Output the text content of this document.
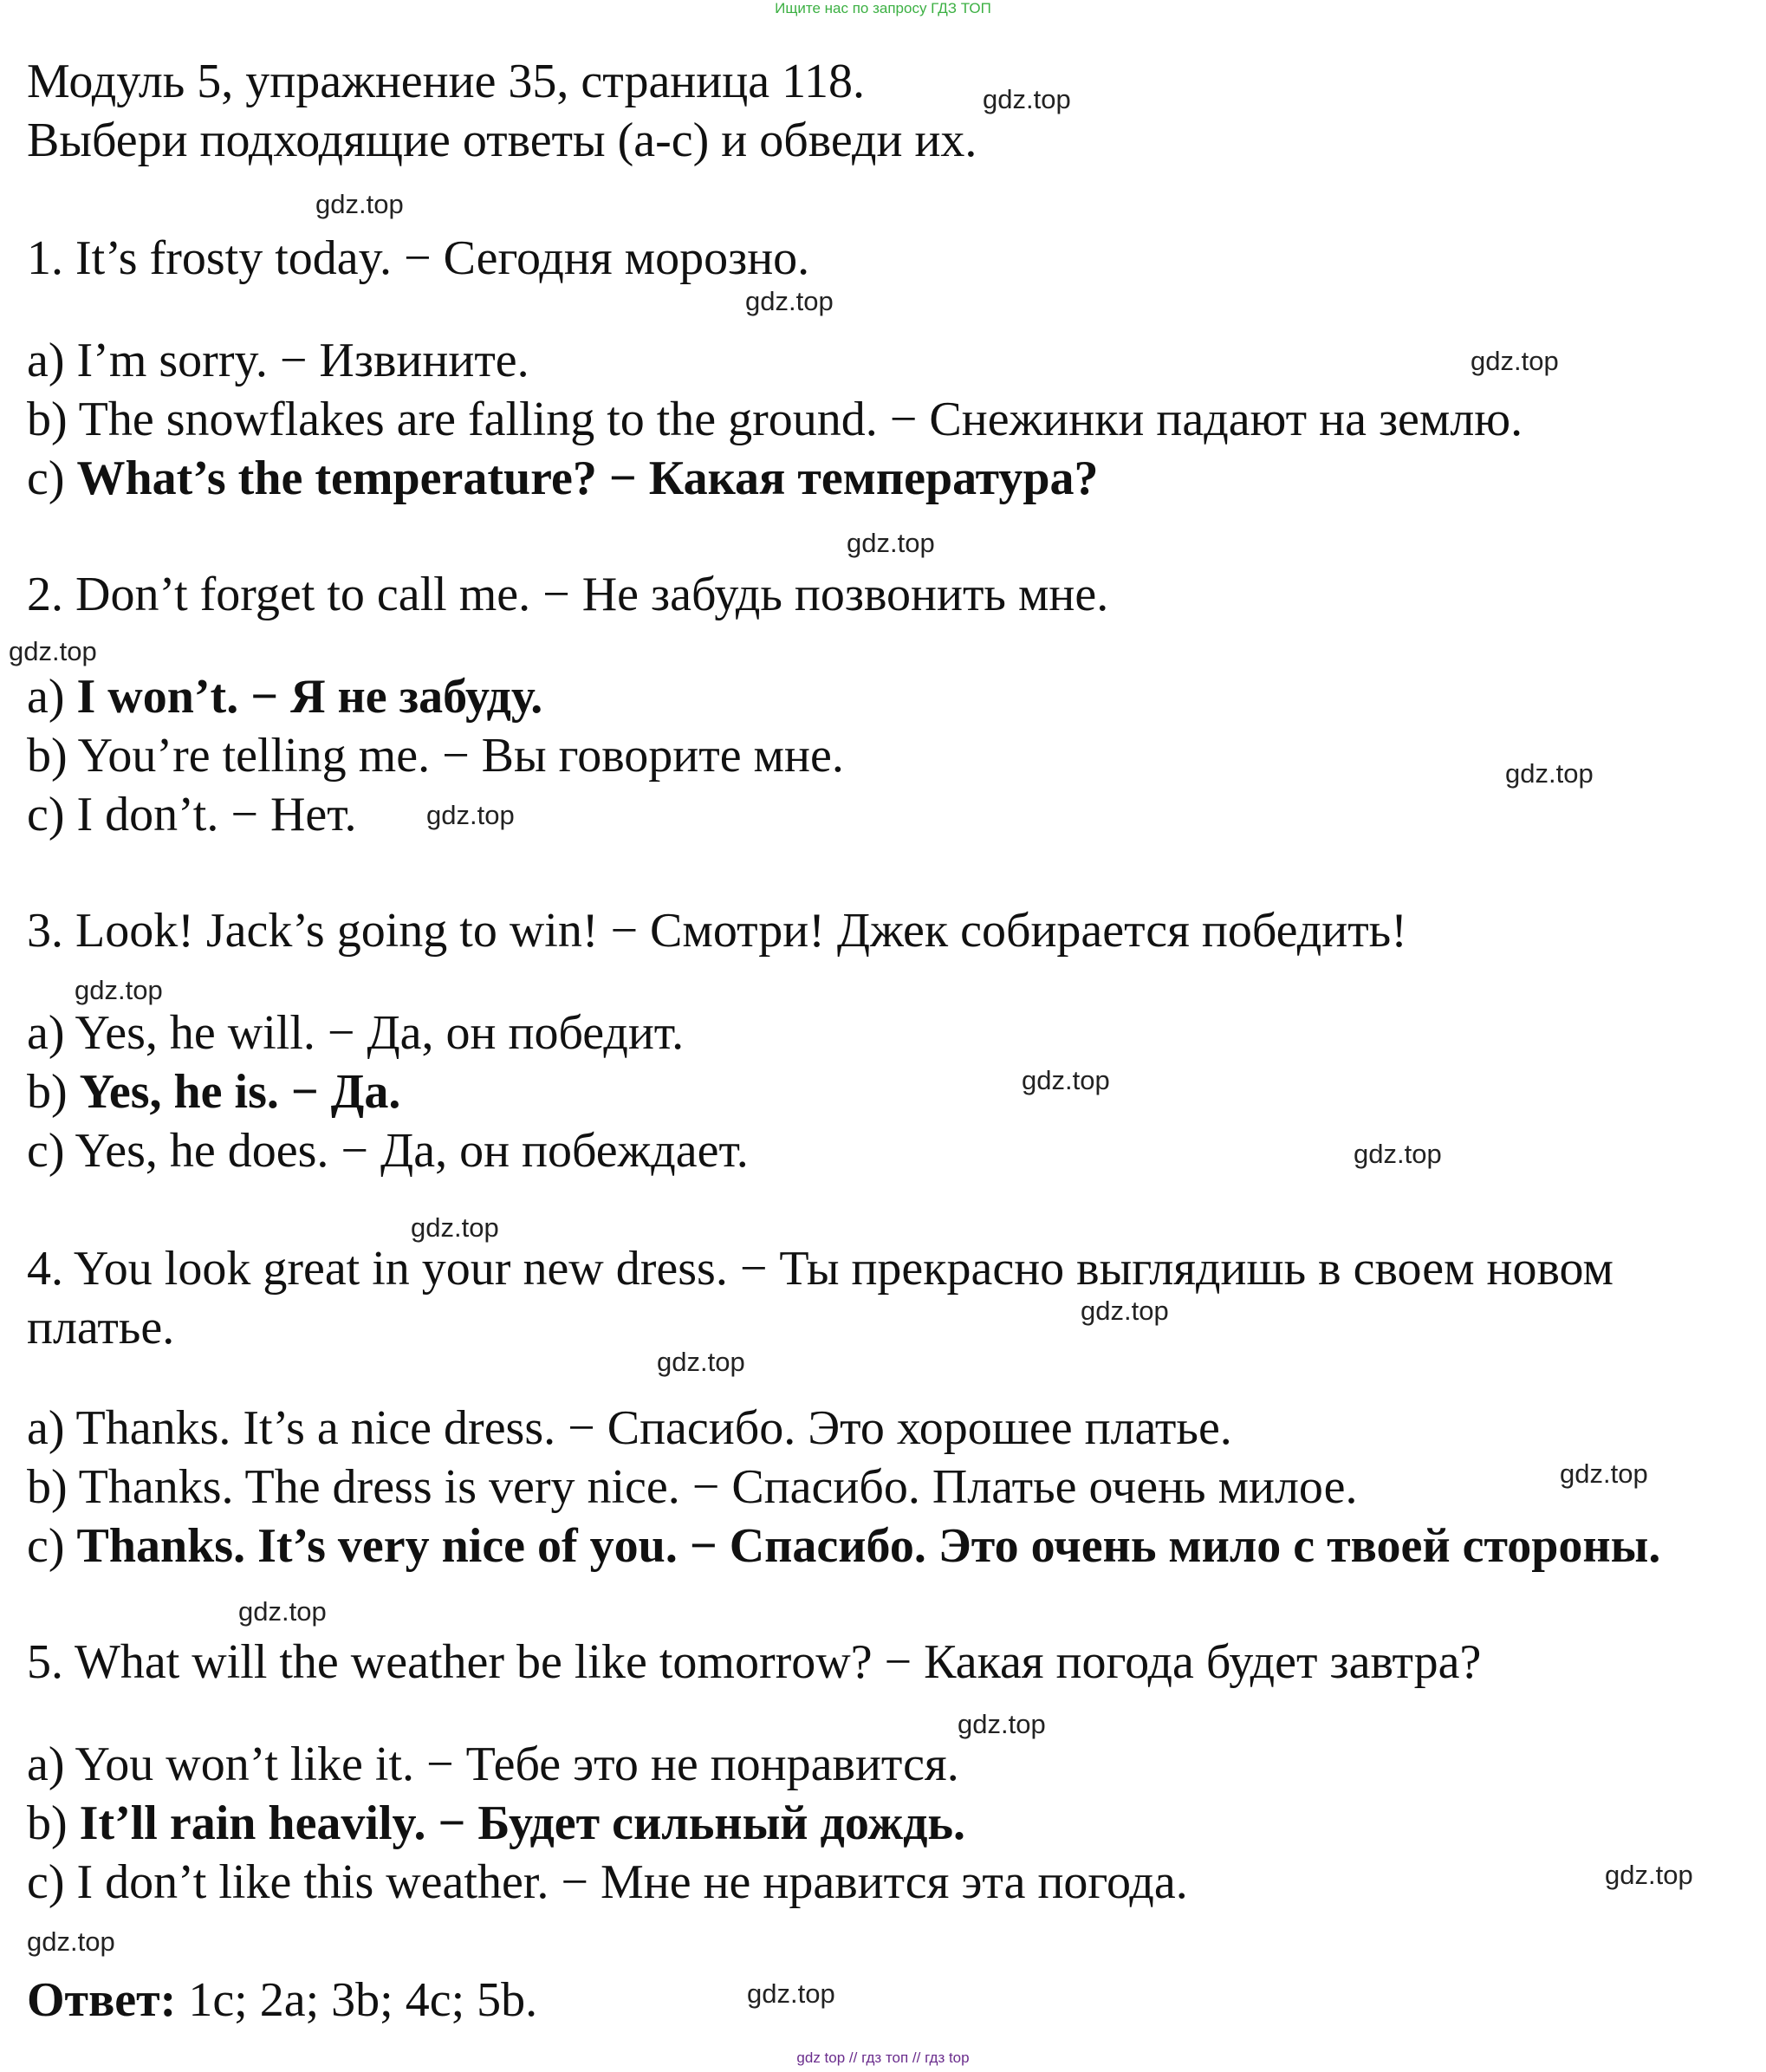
Ищите нас по запросу ГДЗ ТОП
Модуль 5, упражнение 35, страница 118.
Выбери подходящие ответы (a-c) и обведи их.
1. It’s frosty today. − Сегодня морозно.
a) I’m sorry. − Извините.
b) The snowflakes are falling to the ground. − Снежинки падают на землю.
c) What’s the temperature? − Какая температура?
2. Don’t forget to call me. − Не забудь позвонить мне.
a) I won’t. − Я не забуду.
b) You’re telling me. − Вы говорите мне.
c) I don’t. − Нет.
3. Look! Jack’s going to win! − Смотри! Джек собирается победить!
a) Yes, he will. − Да, он победит.
b) Yes, he is. − Да.
c) Yes, he does. − Да, он побеждает.
4. You look great in your new dress. − Ты прекрасно выглядишь в своем новом
платье.
a) Thanks. It’s a nice dress. − Спасибо. Это хорошее платье.
b) Thanks. The dress is very nice. − Спасибо. Платье очень милое.
c) Thanks. It’s very nice of you. − Спасибо. Это очень мило с твоей стороны.
5. What will the weather be like tomorrow? − Какая погода будет завтра?
a) You won’t like it. − Тебе это не понравится.
b) It’ll rain heavily. − Будет сильный дождь.
c) I don’t like this weather. − Мне не нравится эта погода.
Ответ: 1c; 2a; 3b; 4c; 5b.
gdz.top
gdz.top
gdz.top
gdz.top
gdz.top
gdz.top
gdz.top
gdz.top
gdz.top
gdz.top
gdz.top
gdz.top
gdz.top
gdz.top
gdz.top
gdz.top
gdz.top
gdz.top
gdz.top
gdz.top
gdz top // гдз топ // гдз top
